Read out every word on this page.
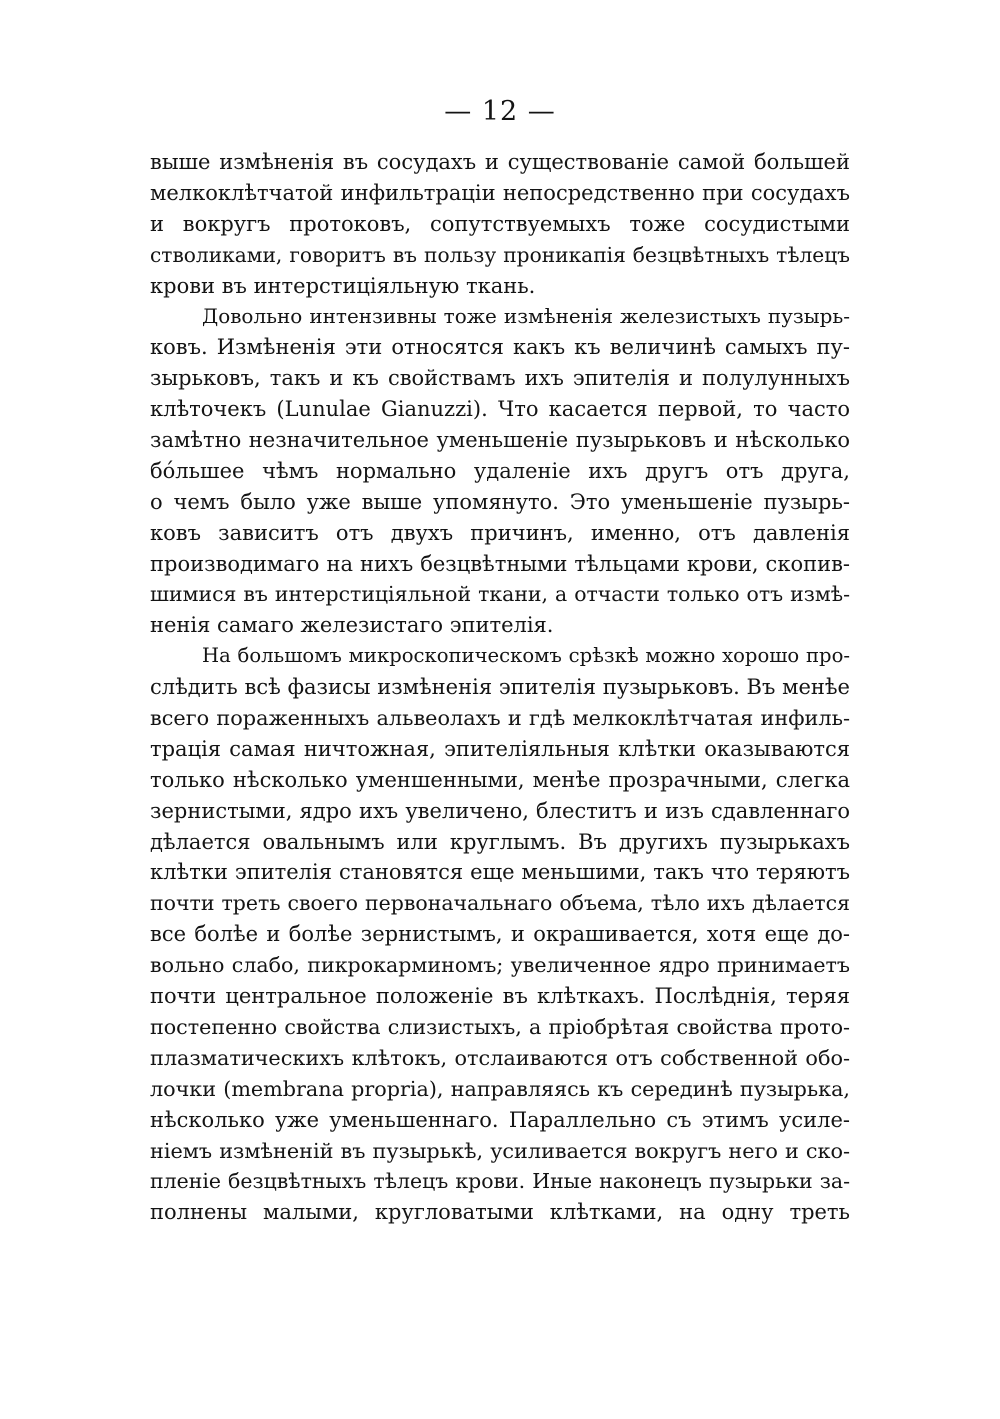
— 12 —
выше измѣненія въ сосудахъ и существованіе самой большей
мелкоклѣтчатой инфильтраціи непосредственно при сосудахъ
и вокругъ протоковъ, сопутствуемыхъ тоже сосудистыми
стволиками, говоритъ въ пользу проникапія безцвѣтныхъ тѣлецъ
крови въ интерстиціяльную ткань.
Довольно интензивны тоже измѣненія железистыхъ пузырь-
ковъ. Измѣненія эти относятся какъ къ величинѣ самыхъ пу-
зырьковъ, такъ и къ свойствамъ ихъ эпителія и полулунныхъ
клѣточекъ (Lunulae Gianuzzi). Что касается первой, то часто
замѣтно незначительное уменьшеніе пузырьковъ и нѣсколько
бо́льшее чѣмъ нормально удаленіе ихъ другъ отъ друга,
о чемъ было уже выше упомянуто. Это уменьшеніе пузырь-
ковъ зависитъ отъ двухъ причинъ, именно, отъ давленія
производимаго на нихъ безцвѣтными тѣльцами крови, скопив-
шимися въ интерстиціяльной ткани, а отчасти только отъ измѣ-
ненія самаго железистаго эпителія.
На большомъ микроскопическомъ срѣзкѣ можно хорошо про-
слѣдить всѣ фазисы измѣненія эпителія пузырьковъ. Въ менѣе
всего пораженныхъ альвеолахъ и гдѣ мелкоклѣтчатая инфиль-
трація самая ничтожная, эпителіяльныя клѣтки оказываются
только нѣсколько уменшенными, менѣе прозрачными, слегка
зернистыми, ядро ихъ увеличено, блеститъ и изъ сдавленнаго
дѣлается овальнымъ или круглымъ. Въ другихъ пузырькахъ
клѣтки эпителія становятся еще меньшими, такъ что теряютъ
почти треть своего первоначальнаго объема, тѣло ихъ дѣлается
все болѣе и болѣе зернистымъ, и окрашивается, хотя еще до-
вольно слабо, пикрокарминомъ; увеличенное ядро принимаетъ
почти центральное положеніе въ клѣткахъ. Послѣднія, теряя
постепенно свойства слизистыхъ, а пріобрѣтая свойства прото-
плазматическихъ клѣтокъ, отслаиваются отъ собственной обо-
лочки (membrana propria), направляясь къ серединѣ пузырька,
нѣсколько уже уменьшеннаго. Параллельно съ этимъ усиле-
ніемъ измѣненій въ пузырькѣ, усиливается вокругъ него и ско-
пленіе безцвѣтныхъ тѣлецъ крови. Иные наконецъ пузырьки за-
полнены малыми, кругловатыми клѣтками, на одну треть
